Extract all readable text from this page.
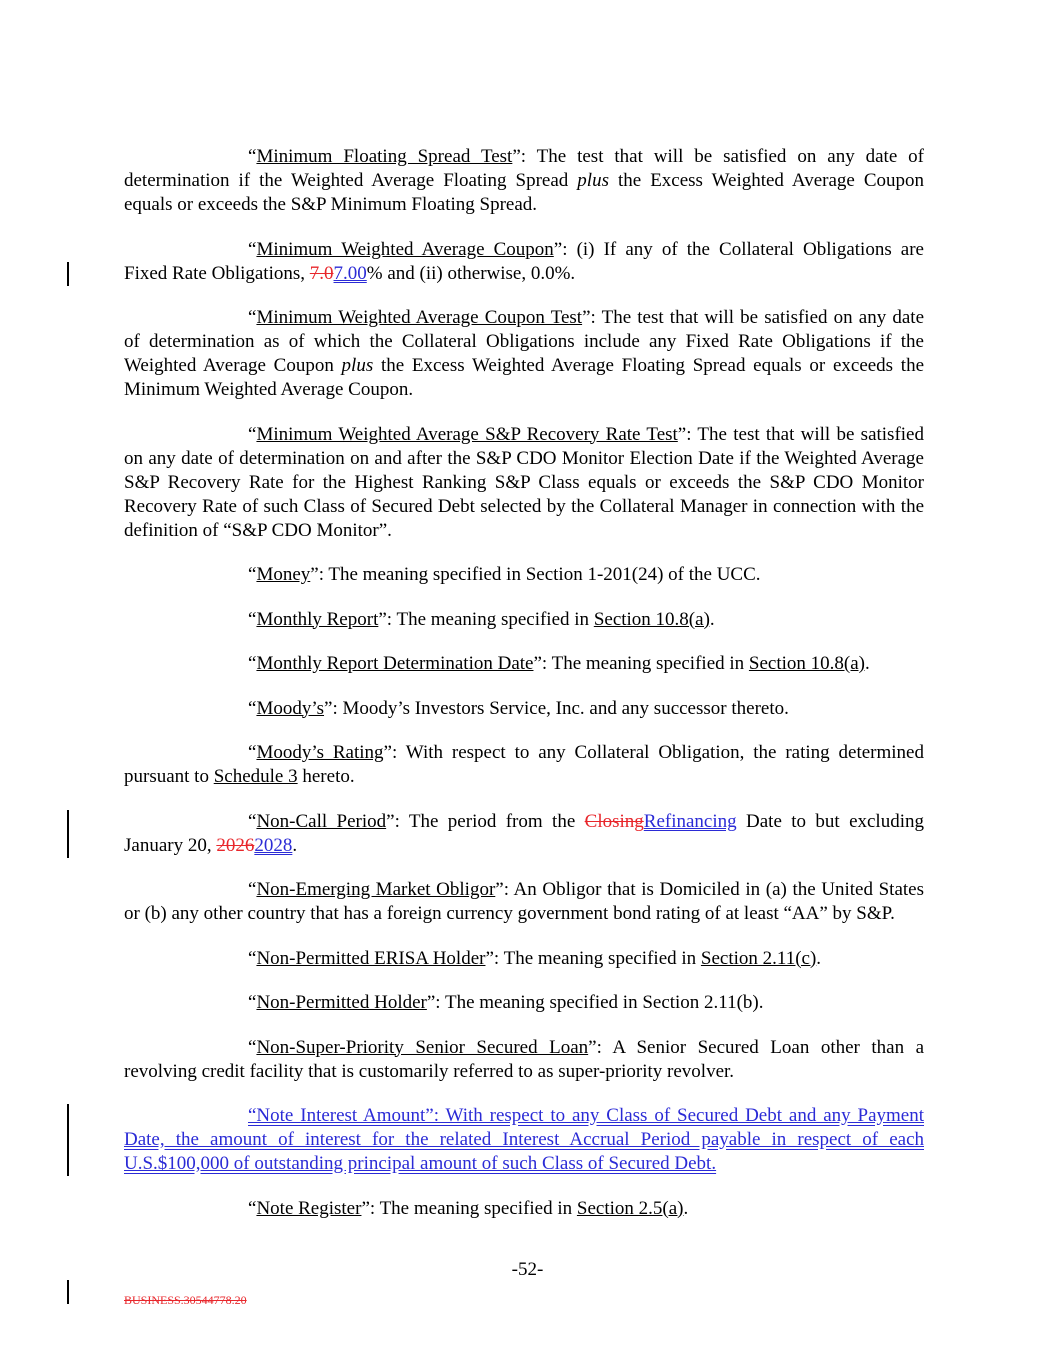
“Minimum Floating Spread Test”: The test that will be satisfied on any date of determination if the Weighted Average Floating Spread plus the Excess Weighted Average Coupon equals or exceeds the S&P Minimum Floating Spread.

“Minimum Weighted Average Coupon”: (i) If any of the Collateral Obligations are Fixed Rate Obligations, 7.07.00% and (ii) otherwise, 0.0%.

“Minimum Weighted Average Coupon Test”: The test that will be satisfied on any date of determination as of which the Collateral Obligations include any Fixed Rate Obligations if the Weighted Average Coupon plus the Excess Weighted Average Floating Spread equals or exceeds the Minimum Weighted Average Coupon.

“Minimum Weighted Average S&P Recovery Rate Test”: The test that will be satisfied on any date of determination on and after the S&P CDO Monitor Election Date if the Weighted Average S&P Recovery Rate for the Highest Ranking S&P Class equals or exceeds the S&P CDO Monitor Recovery Rate of such Class of Secured Debt selected by the Collateral Manager in connection with the definition of “S&P CDO Monitor”.

“Money”: The meaning specified in Section 1-201(24) of the UCC.

“Monthly Report”: The meaning specified in Section 10.8(a).

“Monthly Report Determination Date”: The meaning specified in Section 10.8(a).

“Moody’s”: Moody’s Investors Service, Inc. and any successor thereto.

“Moody’s Rating”: With respect to any Collateral Obligation, the rating determined pursuant to Schedule 3 hereto.

“Non-Call Period”: The period from the ClosingRefinancing Date to but excluding January 20, 20262028.

“Non-Emerging Market Obligor”: An Obligor that is Domiciled in (a) the United States or (b) any other country that has a foreign currency government bond rating of at least “AA” by S&P.

“Non-Permitted ERISA Holder”: The meaning specified in Section 2.11(c).

“Non-Permitted Holder”: The meaning specified in Section 2.11(b).

“Non-Super-Priority Senior Secured Loan”: A Senior Secured Loan other than a revolving credit facility that is customarily referred to as super-priority revolver.

“Note Interest Amount”: With respect to any Class of Secured Debt and any Payment Date, the amount of interest for the related Interest Accrual Period payable in respect of each U.S.$100,000 of outstanding principal amount of such Class of Secured Debt.

“Note Register”: The meaning specified in Section 2.5(a).

-52-
BUSINESS.30544778.20
